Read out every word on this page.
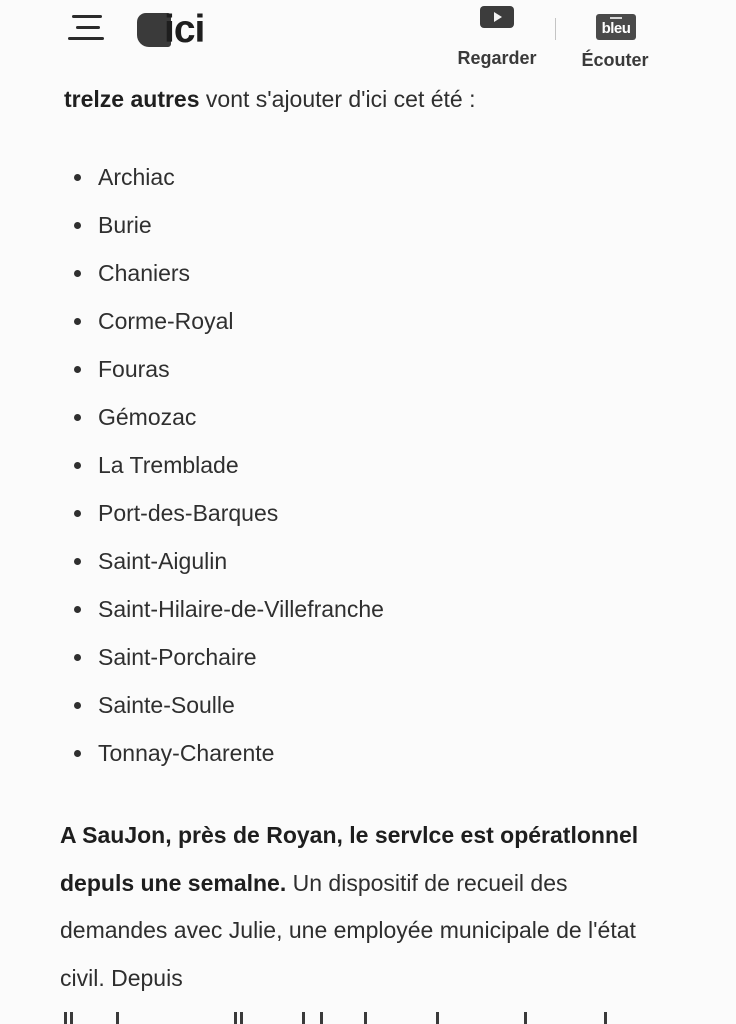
ici
Regarder
bleu
Écouter

trelze autres vont s'ajouter d'ici cet été :

Archiac
Burie
Chaniers
Corme-Royal
Fouras
Gémozac
La Tremblade
Port-des-Barques
Saint-Aigulin
Saint-Hilaire-de-Villefranche
Saint-Porchaire
Sainte-Soulle
Tonnay-Charente

A SauJon, près de Royan, le servlce est opératlonnel depuls une semalne. Un dispositif de recueil des demandes avec Julie, une employée municipale de l'état civil. Depuis
